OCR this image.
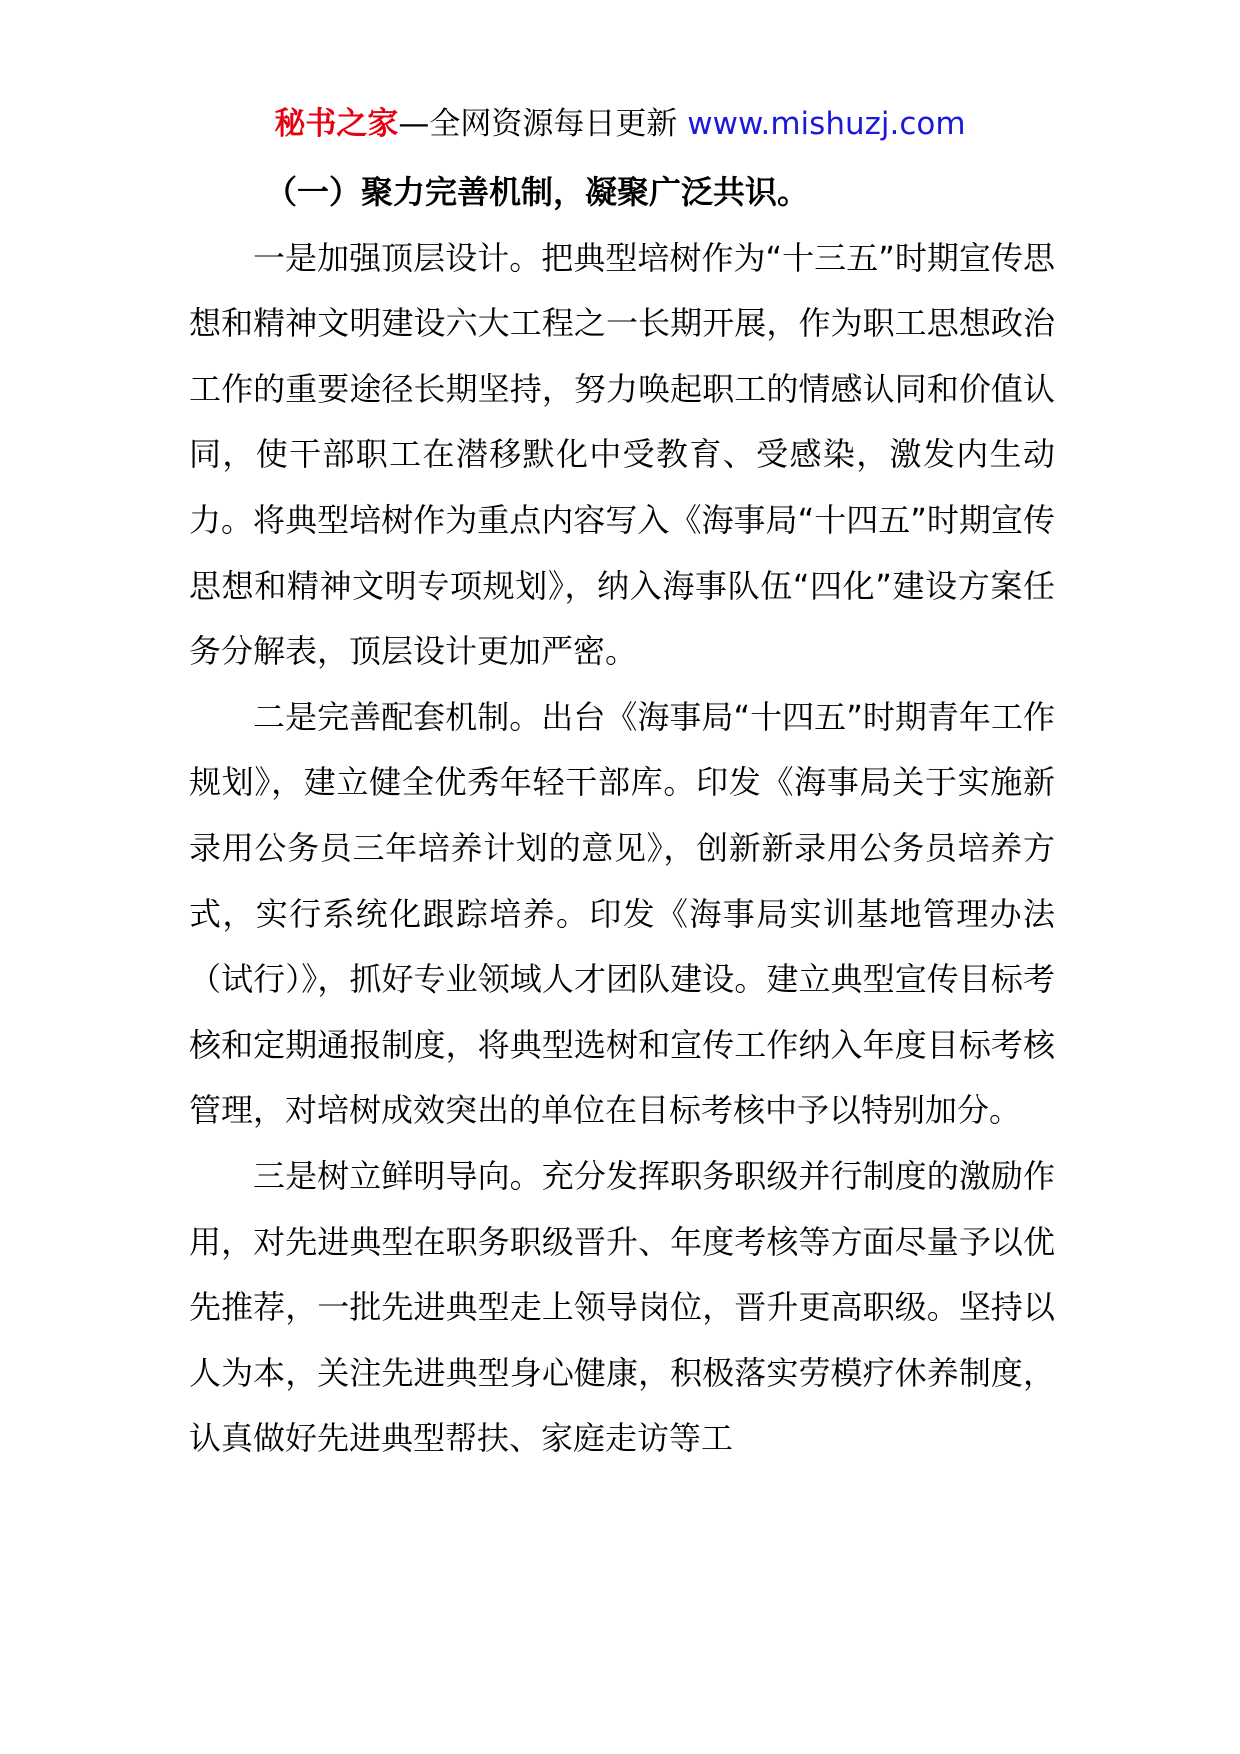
秘书之家—全网资源每日更新 www.mishuzj.com

（一）聚力完善机制，凝聚广泛共识。

一是加强顶层设计。把典型培树作为“十三五”时期宣传思想和精神文明建设六大工程之一长期开展，作为职工思想政治工作的重要途径长期坚持，努力唤起职工的情感认同和价值认同，使干部职工在潜移默化中受教育、受感染，激发内生动力。将典型培树作为重点内容写入《海事局“十四五”时期宣传思想和精神文明专项规划》，纳入海事队伍“四化”建设方案任务分解表，顶层设计更加严密。

二是完善配套机制。出台《海事局“十四五”时期青年工作规划》，建立健全优秀年轻干部库。印发《海事局关于实施新录用公务员三年培养计划的意见》，创新新录用公务员培养方式，实行系统化跟踪培养。印发《海事局实训基地管理办法（试行）》，抓好专业领域人才团队建设。建立典型宣传目标考核和定期通报制度，将典型选树和宣传工作纳入年度目标考核管理，对培树成效突出的单位在目标考核中予以特别加分。

三是树立鲜明导向。充分发挥职务职级并行制度的激励作用，对先进典型在职务职级晋升、年度考核等方面尽量予以优先推荐，一批先进典型走上领导岗位，晋升更高职级。坚持以人为本，关注先进典型身心健康，积极落实劳模疗休养制度，认真做好先进典型帮扶、家庭走访等工
